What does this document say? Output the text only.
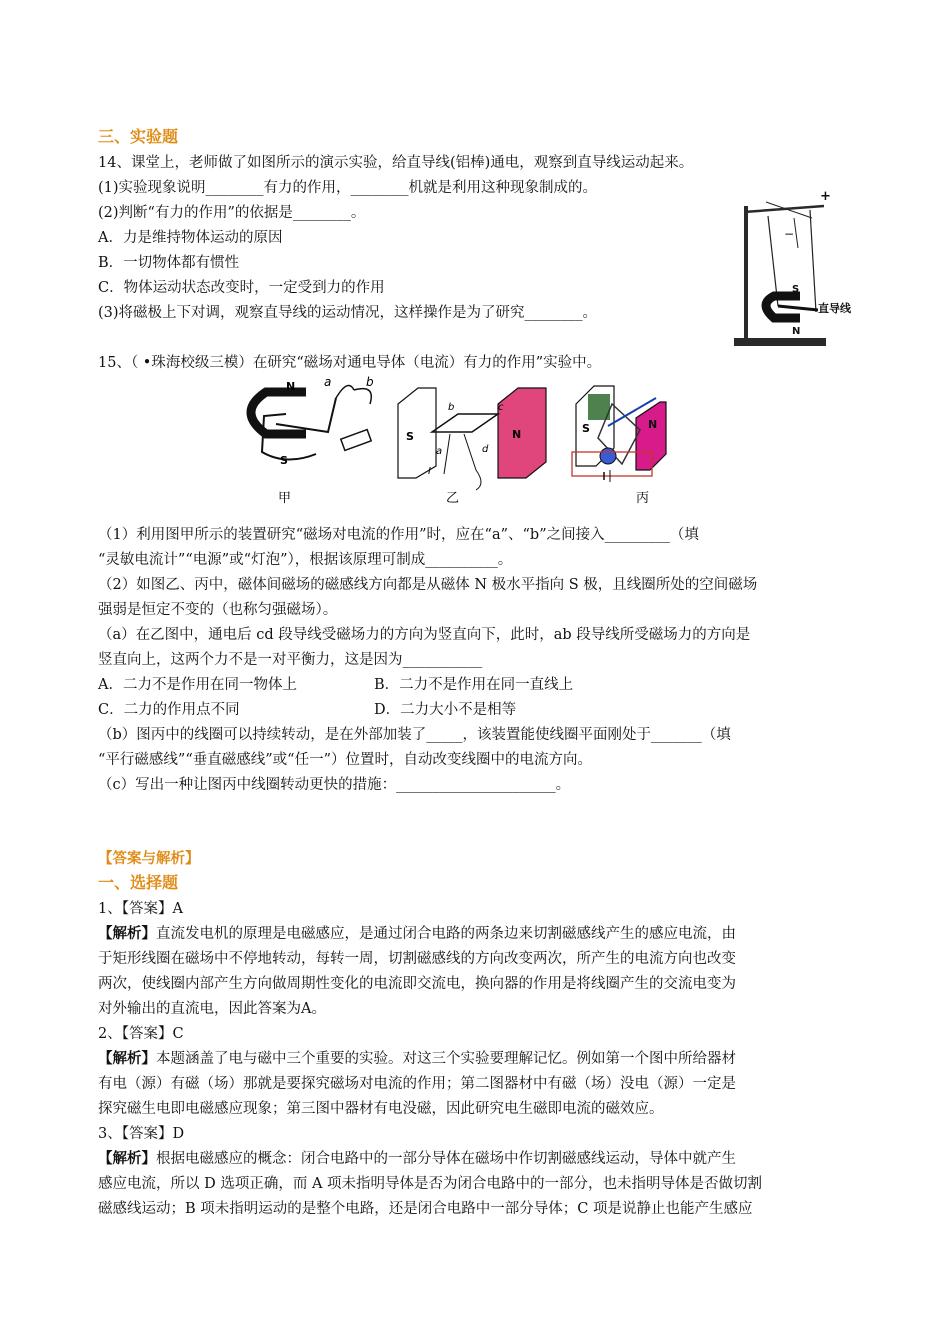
三、实验题
14、课堂上，老师做了如图所示的演示实验，给直导线(铝棒)通电，观察到直导线运动起来。
(1)实验现象说明________有力的作用，________机就是利用这种现象制成的。
(2)判断“有力的作用”的依据是________。
A．力是维持物体运动的原因
B．一切物体都有惯性
C．物体运动状态改变时，一定受到力的作用
(3)将磁极上下对调，观察直导线的运动情况，这样操作是为了研究________。
+
−
S
N
直导线
15、（ •珠海校级三模）在研究“磁场对通电导体（电流）有力的作用”实验中。
N
S
a	b
甲
S	N
a
b	c
d
I
乙
S	N
丙
（1）利用图甲所示的装置研究“磁场对电流的作用”时，应在“a”、“b”之间接入_________（填
“灵敏电流计”“电源”或“灯泡”），根据该原理可制成__________。
（2）如图乙、丙中，磁体间磁场的磁感线方向都是从磁体 N 极水平指向 S 极，且线圈所处的空间磁场
强弱是恒定不变的（也称匀强磁场）。
（a）在乙图中，通电后 cd 段导线受磁场力的方向为竖直向下，此时，ab 段导线所受磁场力的方向是
竖直向上，这两个力不是一对平衡力，这是因为___________
A．二力不是作用在同一物体上	B．二力不是作用在同一直线上
C．二力的作用点不同	D．二力大小不是相等
（b）图丙中的线圈可以持续转动，是在外部加装了_____，该装置能使线圈平面刚处于_______（填
“平行磁感线”“垂直磁感线”或“任一”）位置时，自动改变线圈中的电流方向。
（c）写出一种让图丙中线圈转动更快的措施：______________________。
【答案与解析】
一、选择题
1、【答案】A
【解析】直流发电机的原理是电磁感应，是通过闭合电路的两条边来切割磁感线产生的感应电流，由
于矩形线圈在磁场中不停地转动，每转一周，切割磁感线的方向改变两次，所产生的电流方向也改变
两次，使线圈内部产生方向做周期性变化的电流即交流电，换向器的作用是将线圈产生的交流电变为
对外输出的直流电，因此答案为A。
2、【答案】C
【解析】本题涵盖了电与磁中三个重要的实验。对这三个实验要理解记忆。例如第一个图中所给器材
有电（源）有磁（场）那就是要探究磁场对电流的作用；第二图器材中有磁（场）没电（源）一定是
探究磁生电即电磁感应现象；第三图中器材有电没磁，因此研究电生磁即电流的磁效应。
3、【答案】D
【解析】根据电磁感应的概念：闭合电路中的一部分导体在磁场中作切割磁感线运动，导体中就产生
感应电流，所以 D 选项正确，而 A 项未指明导体是否为闭合电路中的一部分，也未指明导体是否做切割
磁感线运动；B 项未指明运动的是整个电路，还是闭合电路中一部分导体；C 项是说静止也能产生感应
